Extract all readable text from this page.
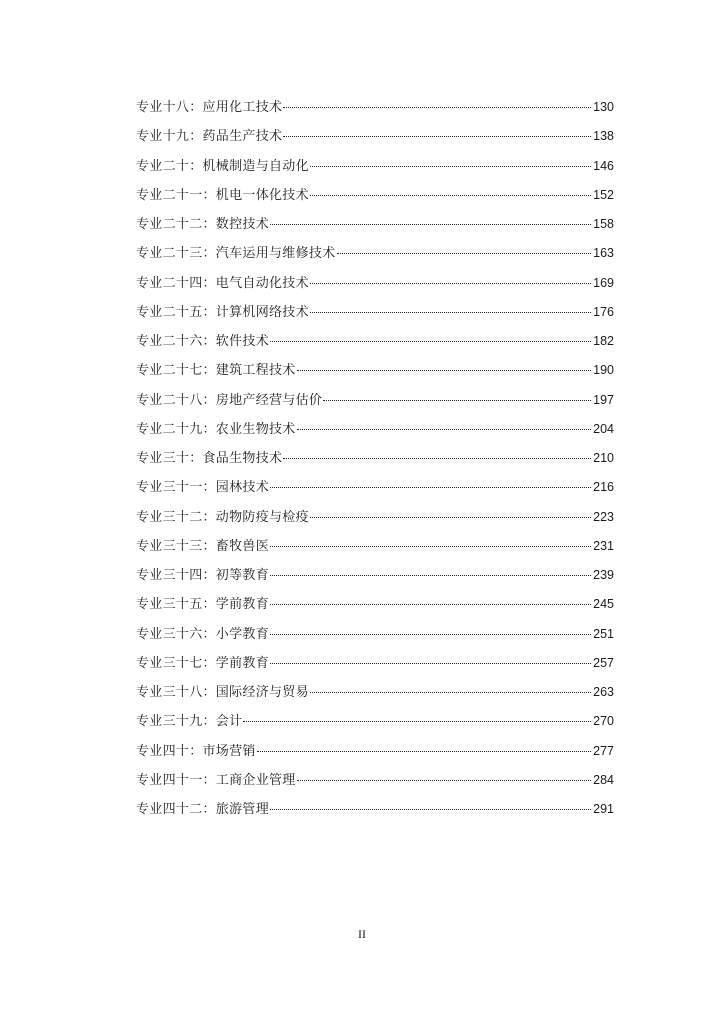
专业十八：应用化工技术	130
专业十九：药品生产技术	138
专业二十：机械制造与自动化	146
专业二十一：机电一体化技术	152
专业二十二：数控技术	158
专业二十三：汽车运用与维修技术	163
专业二十四：电气自动化技术	169
专业二十五：计算机网络技术	176
专业二十六：软件技术	182
专业二十七：建筑工程技术	190
专业二十八：房地产经营与估价	197
专业二十九：农业生物技术	204
专业三十：食品生物技术	210
专业三十一：园林技术	216
专业三十二：动物防疫与检疫	223
专业三十三：畜牧兽医	231
专业三十四：初等教育	239
专业三十五：学前教育	245
专业三十六：小学教育	251
专业三十七：学前教育	257
专业三十八：国际经济与贸易	263
专业三十九：会计	270
专业四十：市场营销	277
专业四十一：工商企业管理	284
专业四十二：旅游管理	291
II
